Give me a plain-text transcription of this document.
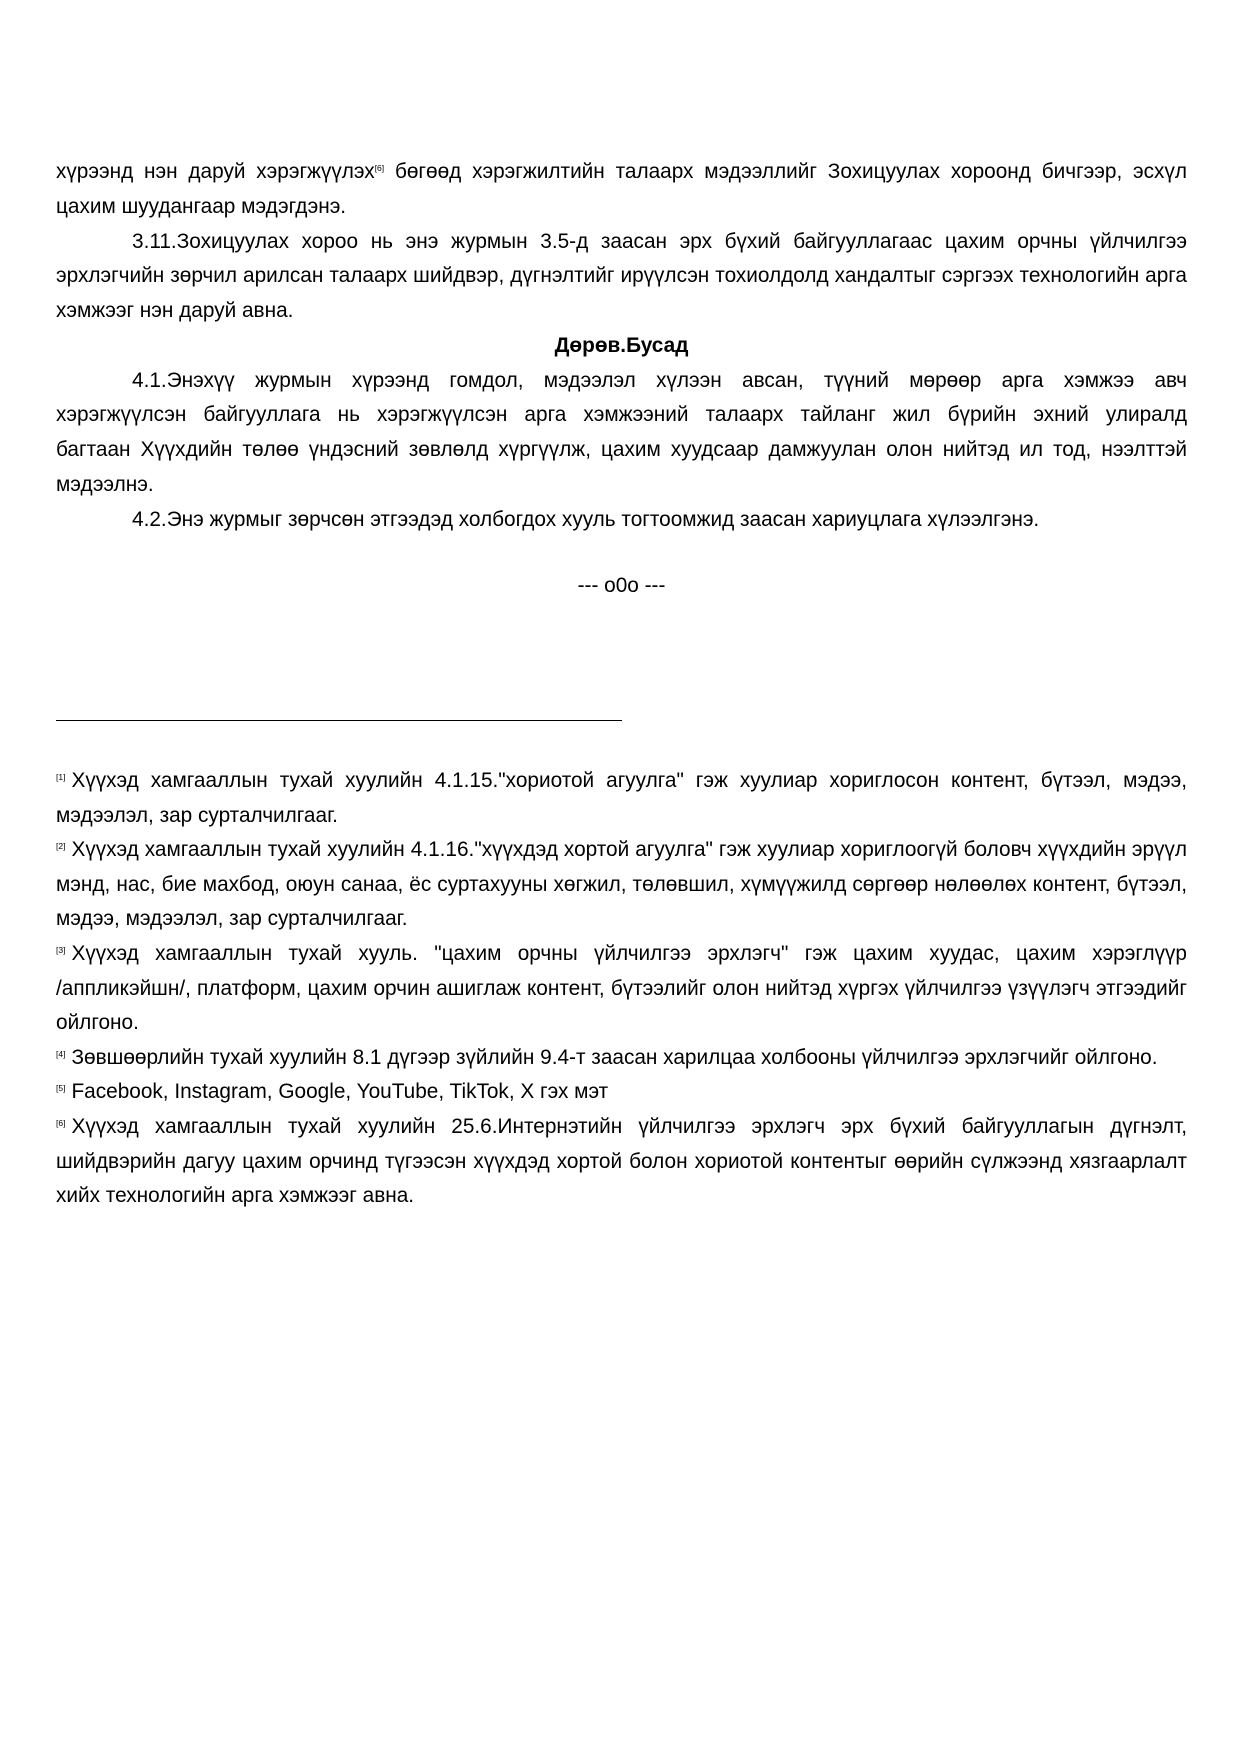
хүрээнд нэн даруй хэрэгжүүлэх[6] бөгөөд хэрэгжилтийн талаарх мэдээллийг Зохицуулах хороонд бичгээр, эсхүл
цахим шуудангаар мэдэгдэнэ.
3.11.Зохицуулах хороо нь энэ журмын 3.5-д заасан эрх бүхий байгууллагаас цахим орчны үйлчилгээ
эрхлэгчийн зөрчил арилсан талаарх шийдвэр, дүгнэлтийг ирүүлсэн тохиолдолд хандалтыг сэргээх технологийн арга
хэмжээг нэн даруй авна.
Дөрөв.Бусад
4.1.Энэхүү журмын хүрээнд гомдол, мэдээлэл хүлээн авсан, түүний мөрөөр арга хэмжээ авч
хэрэгжүүлсэн байгууллага нь хэрэгжүүлсэн арга хэмжээний талаарх тайланг жил бүрийн эхний улиралд
багтаан Хүүхдийн төлөө үндэсний зөвлөлд хүргүүлж, цахим хуудсаар дамжуулан олон нийтэд ил тод, нээлттэй
мэдээлнэ.
4.2.Энэ журмыг зөрчсөн этгээдэд холбогдох хууль тогтоомжид заасан хариуцлага хүлээлгэнэ.
--- o0o ---
[1] Хүүхэд хамгааллын тухай хуулийн 4.1.15."хориотой агуулга" гэж хуулиар хориглосон контент, бүтээл, мэдээ,
мэдээлэл, зар сурталчилгааг.
[2] Хүүхэд хамгааллын тухай хуулийн 4.1.16."хүүхдэд хортой агуулга" гэж хуулиар хориглоогүй боловч хүүхдийн эрүүл
мэнд, нас, бие махбод, оюун санаа, ёс суртахууны хөгжил, төлөвшил, хүмүүжилд сөргөөр нөлөөлөх контент, бүтээл,
мэдээ, мэдээлэл, зар сурталчилгааг.
[3] Хүүхэд хамгааллын тухай хууль. "цахим орчны үйлчилгээ эрхлэгч" гэж цахим хуудас, цахим хэрэглүүр
/аппликэйшн/, платформ, цахим орчин ашиглаж контент, бүтээлийг олон нийтэд хүргэх үйлчилгээ үзүүлэгч этгээдийг
ойлгоно.
[4] Зөвшөөрлийн тухай хуулийн 8.1 дүгээр зүйлийн 9.4-т заасан харилцаа холбооны үйлчилгээ эрхлэгчийг ойлгоно.
[5] Facebook, Instagram, Google, YouTube, TikTok, X гэх мэт
[6] Хүүхэд хамгааллын тухай хуулийн 25.6.Интернэтийн үйлчилгээ эрхлэгч эрх бүхий байгууллагын дүгнэлт,
шийдвэрийн дагуу цахим орчинд түгээсэн хүүхдэд хортой болон хориотой контентыг өөрийн сүлжээнд хязгаарлалт
хийх технологийн арга хэмжээг авна.
